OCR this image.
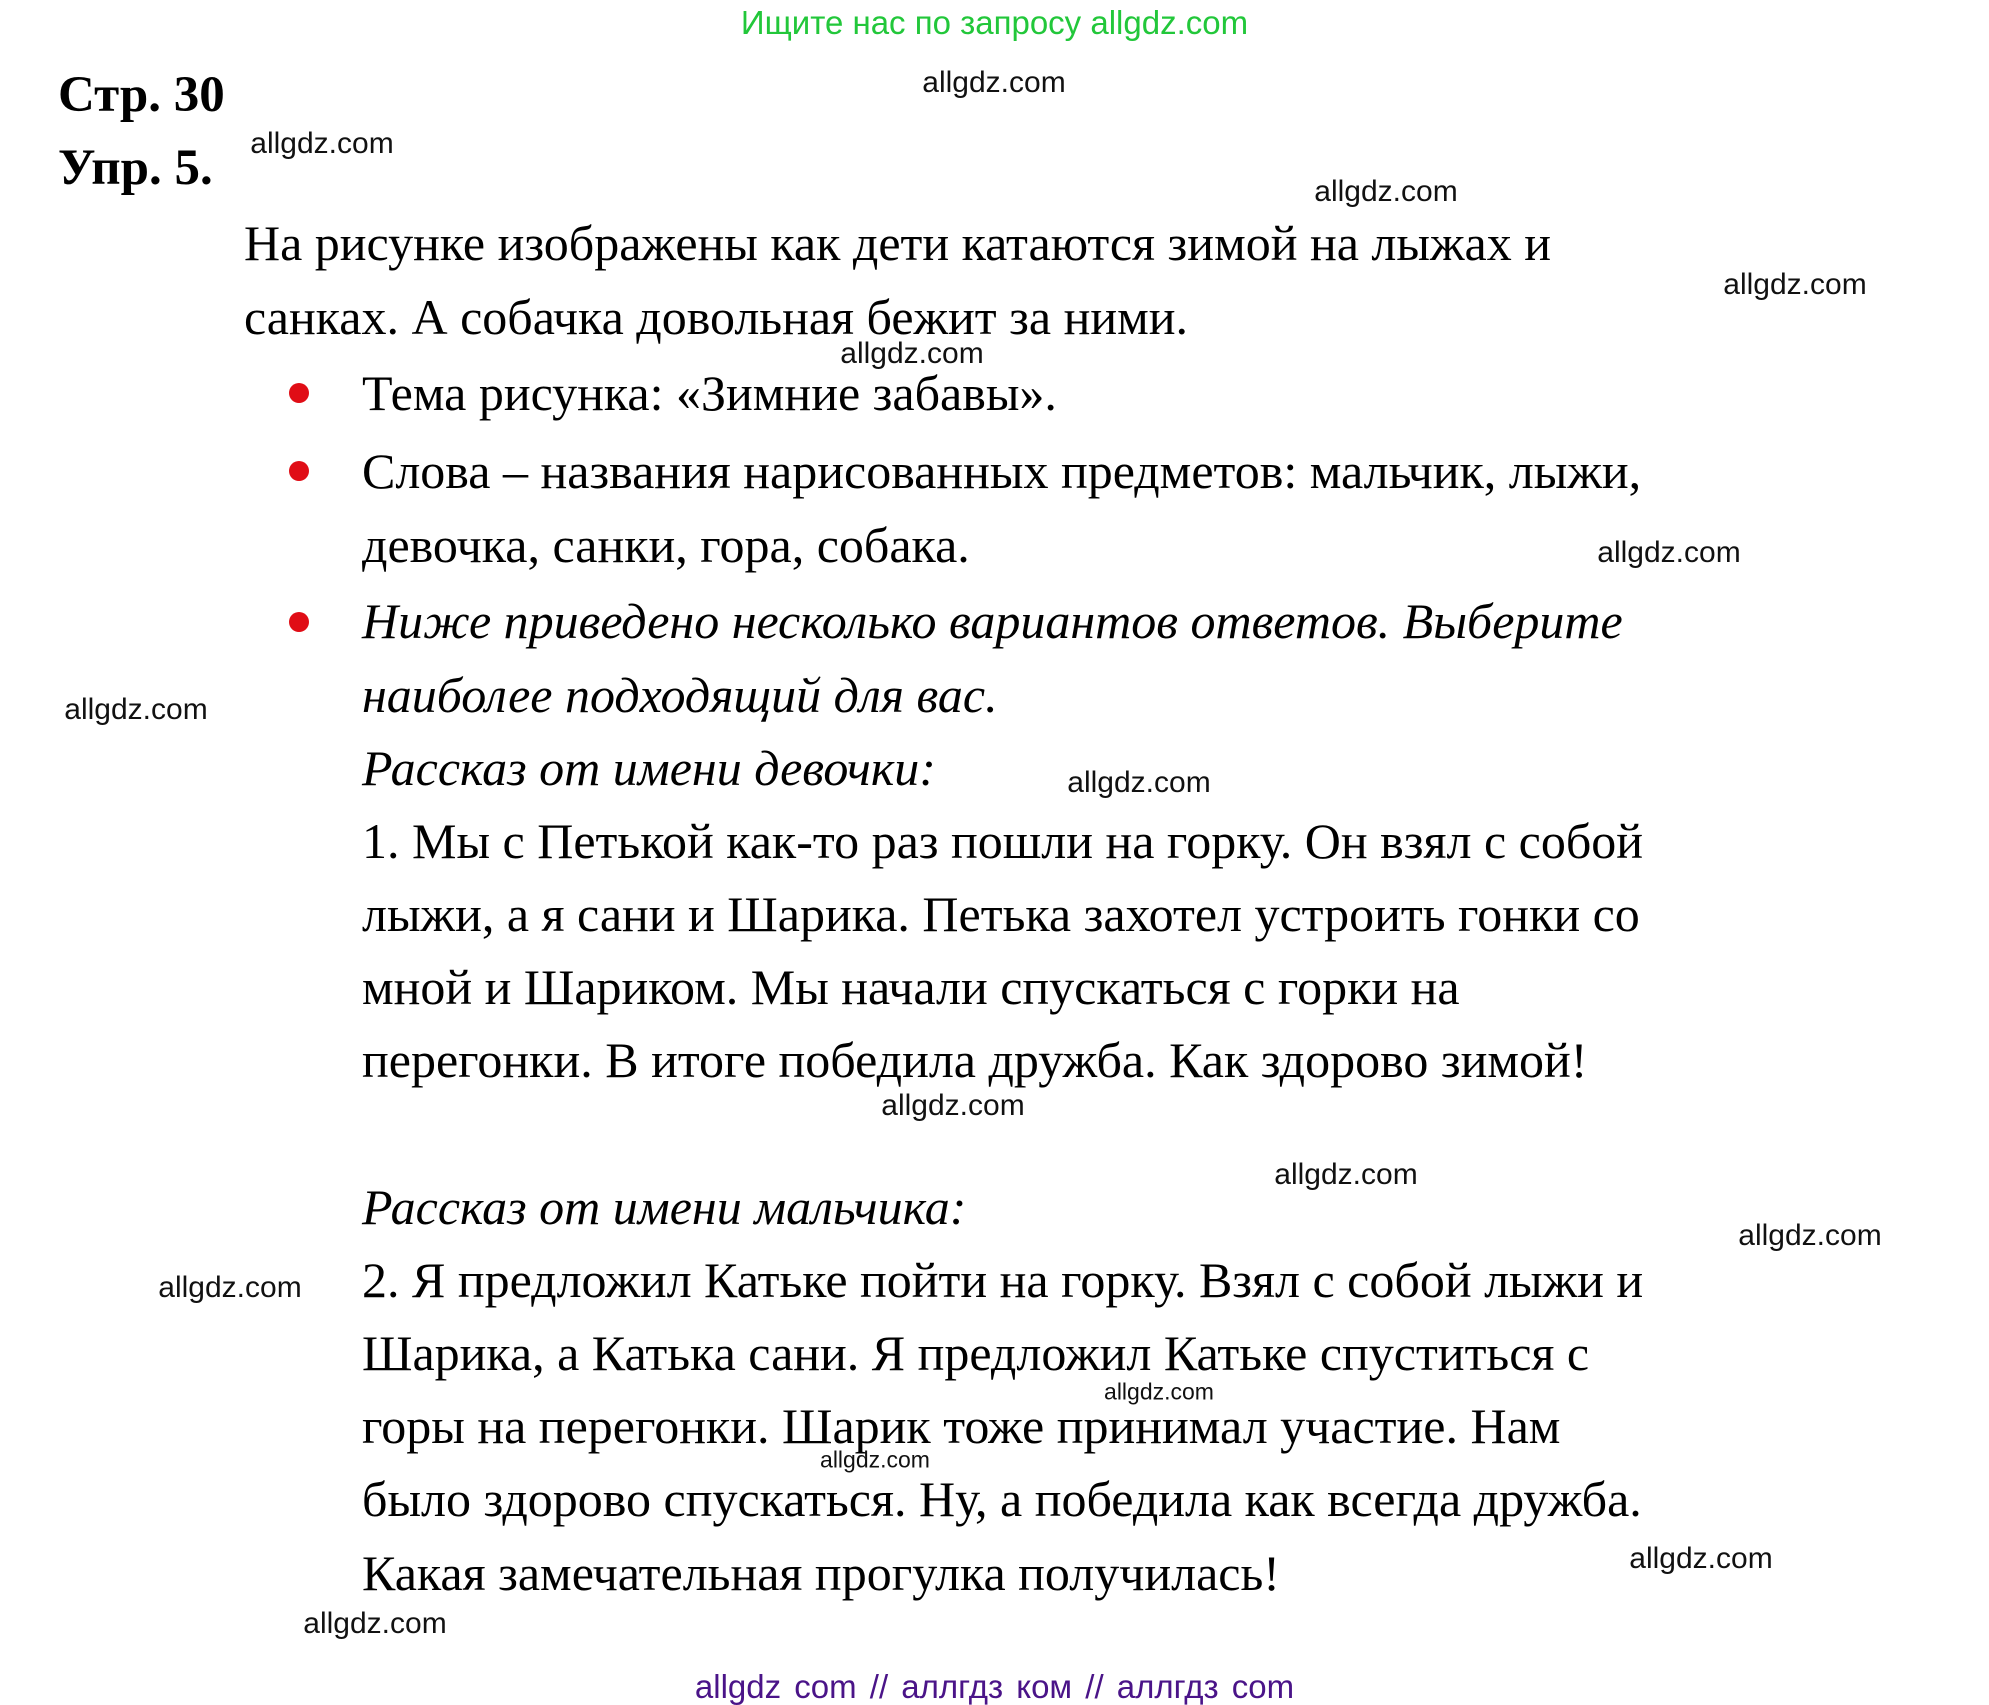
Ищите нас по запросу allgdz.com
Стр. 30
Упр. 5.
На рисунке изображены как дети катаются зимой на лыжах и
санках. А собачка довольная бежит за ними.
Тема рисунка: «Зимние забавы».
Слова – названия нарисованных предметов: мальчик, лыжи,
девочка, санки, гора, собака.
Ниже приведено несколько вариантов ответов. Выберите
наиболее подходящий для вас.
Рассказ от имени девочки:
1. Мы с Петькой как-то раз пошли на горку. Он взял с собой
лыжи, а я сани и Шарика. Петька захотел устроить гонки со
мной и Шариком. Мы начали спускаться с горки на
перегонки. В итоге победила дружба. Как здорово зимой!
Рассказ от имени мальчика:
2. Я предложил Катьке пойти на горку. Взял с собой лыжи и
Шарика, а Катька сани. Я предложил Катьке спуститься с
горы на перегонки. Шарик тоже принимал участие. Нам
было здорово спускаться. Ну, а победила как всегда дружба.
Какая замечательная прогулка получилась!
allgdz.com
allgdz.com
allgdz.com
allgdz.com
allgdz.com
allgdz.com
allgdz.com
allgdz.com
allgdz.com
allgdz.com
allgdz.com
allgdz.com
allgdz.com
allgdz.com
allgdz.com
allgdz.com
allgdz com // аллгдз ком // аллгдз com
